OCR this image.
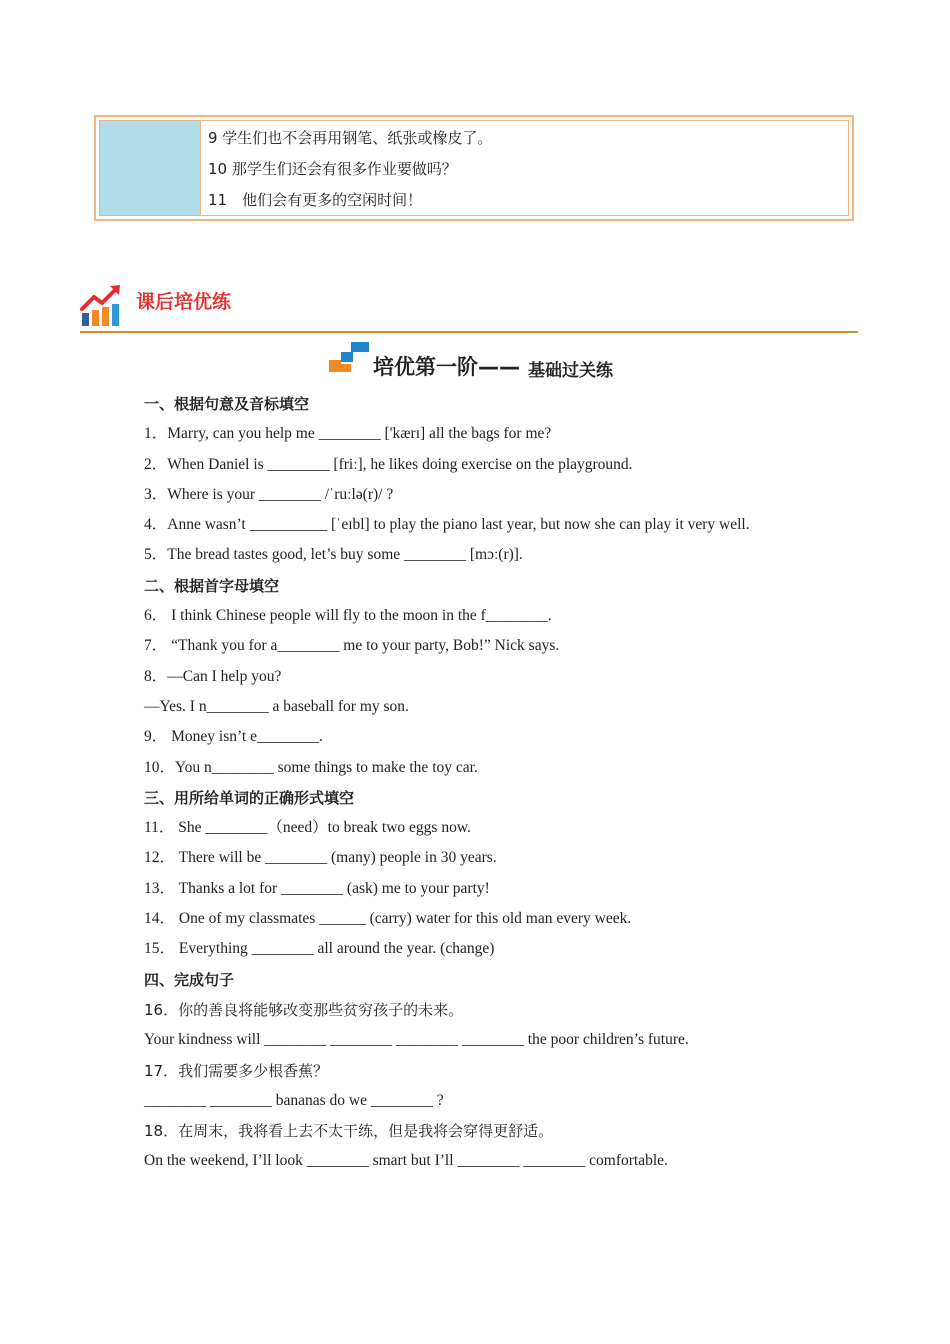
9 学生们也不会再用钢笔、纸张或橡皮了。
10 那学生们还会有很多作业要做吗？
11　他们会有更多的空闲时间！
课后培优练
培优第一阶—— 基础过关练
一、根据句意及音标填空
1．Marry, can you help me ________ ['kærɪ] all the bags for me?
2．When Daniel is ________ [friː], he likes doing exercise on the playground.
3．Where is your ________ /ˈruːlə(r)/ ?
4．Anne wasn’t __________ [ˈeɪbl] to play the piano last year, but now she can play it very well.
5．The bread tastes good, let’s buy some ________ [mɔː(r)].
二、根据首字母填空
6． I think Chinese people will fly to the moon in the f________.
7． “Thank you for a________ me to your party, Bob!” Nick says.
8．—Can I help you?
—Yes. I n________ a baseball for my son.
9． Money isn’t e________.
10．You n________ some things to make the toy car.
三、用所给单词的正确形式填空
11． She ________（need）to break two eggs now.
12． There will be ________ (many) people in 30 years.
13． Thanks a lot for ________ (ask) me to your party!
14． One of my classmates ______ (carry) water for this old man every week.
15． Everything ________ all around the year. (change)
四、完成句子
16．你的善良将能够改变那些贫穷孩子的未来。
Your kindness will ________ ________ ________ ________ the poor children’s future.
17．我们需要多少根香蕉？
________ ________ bananas do we ________ ?
18．在周末，我将看上去不太干练，但是我将会穿得更舒适。
On the weekend, I’ll look ________ smart but I’ll ________ ________ comfortable.
